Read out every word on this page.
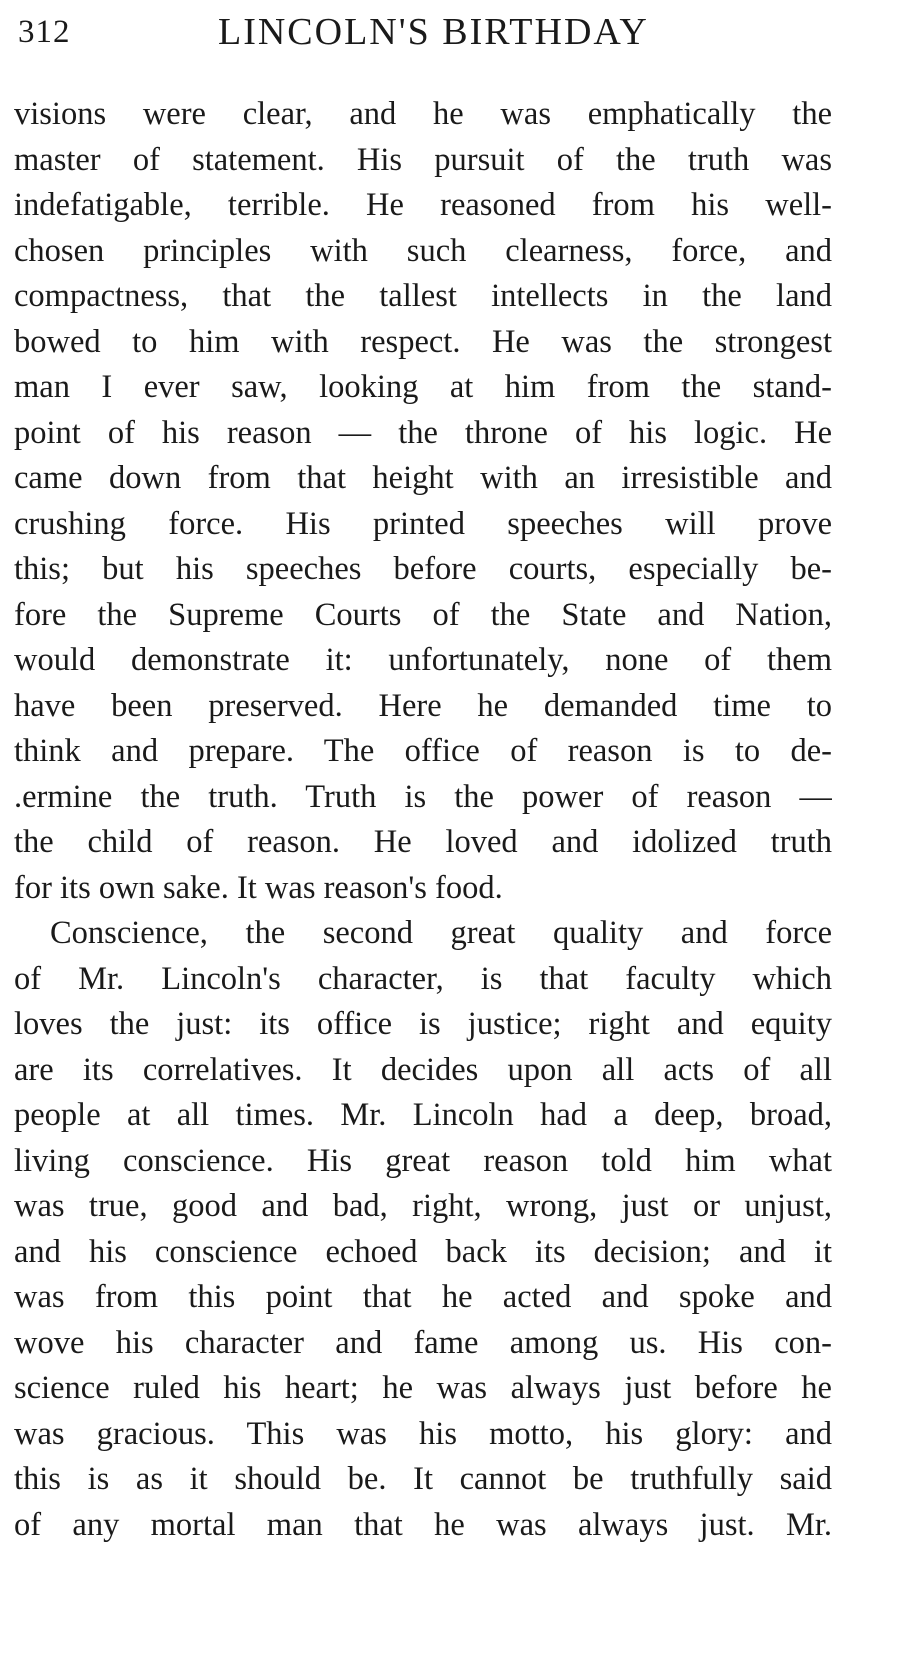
312	LINCOLN'S BIRTHDAY
visions were clear, and he was emphatically the
master of statement. His pursuit of the truth was
indefatigable, terrible. He reasoned from his well-
chosen principles with such clearness, force, and
compactness, that the tallest intellects in the land
bowed to him with respect. He was the strongest
man I ever saw, looking at him from the stand-
point of his reason — the throne of his logic. He
came down from that height with an irresistible and
crushing force. His printed speeches will prove
this; but his speeches before courts, especially be-
fore the Supreme Courts of the State and Nation,
would demonstrate it: unfortunately, none of them
have been preserved. Here he demanded time to
think and prepare. The office of reason is to de-
.ermine the truth. Truth is the power of reason —
the child of reason. He loved and idolized truth
for its own sake. It was reason's food.
Conscience, the second great quality and force
of Mr. Lincoln's character, is that faculty which
loves the just: its office is justice; right and equity
are its correlatives. It decides upon all acts of all
people at all times. Mr. Lincoln had a deep, broad,
living conscience. His great reason told him what
was true, good and bad, right, wrong, just or unjust,
and his conscience echoed back its decision; and it
was from this point that he acted and spoke and
wove his character and fame among us. His con-
science ruled his heart; he was always just before he
was gracious. This was his motto, his glory: and
this is as it should be. It cannot be truthfully said
of any mortal man that he was always just. Mr.
